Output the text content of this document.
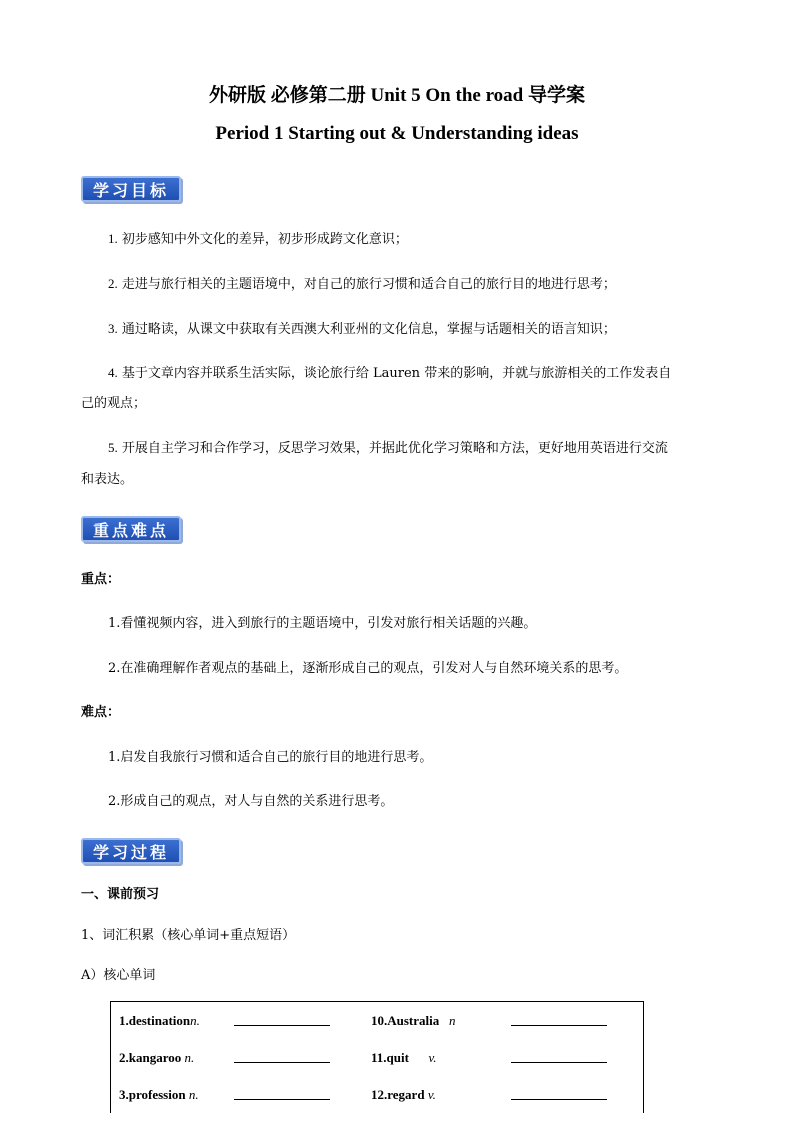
外研版 必修第二册 Unit 5 On the road 导学案
Period 1 Starting out & Understanding ideas
学习目标
1. 初步感知中外文化的差异，初步形成跨文化意识；
2. 走进与旅行相关的主题语境中，对自己的旅行习惯和适合自己的旅行目的地进行思考；
3. 通过略读，从课文中获取有关西澳大利亚州的文化信息，掌握与话题相关的语言知识；
4. 基于文章内容并联系生活实际，谈论旅行给 Lauren 带来的影响，并就与旅游相关的工作发表自
己的观点；
5. 开展自主学习和合作学习，反思学习效果，并据此优化学习策略和方法，更好地用英语进行交流
和表达。
重点难点
重点：
1.看懂视频内容，进入到旅行的主题语境中，引发对旅行相关话题的兴趣。
2.在准确理解作者观点的基础上，逐渐形成自己的观点，引发对人与自然环境关系的思考。
难点：
1.启发自我旅行习惯和适合自己的旅行目的地进行思考。
2.形成自己的观点，对人与自然的关系进行思考。
学习过程
一、课前预习
1、词汇积累（核心单词+重点短语）
A）核心单词
1.destinationn.		10.Australia n	
2.kangaroo n.		11.quit v.	
3.profession n.		12.regard v.	
